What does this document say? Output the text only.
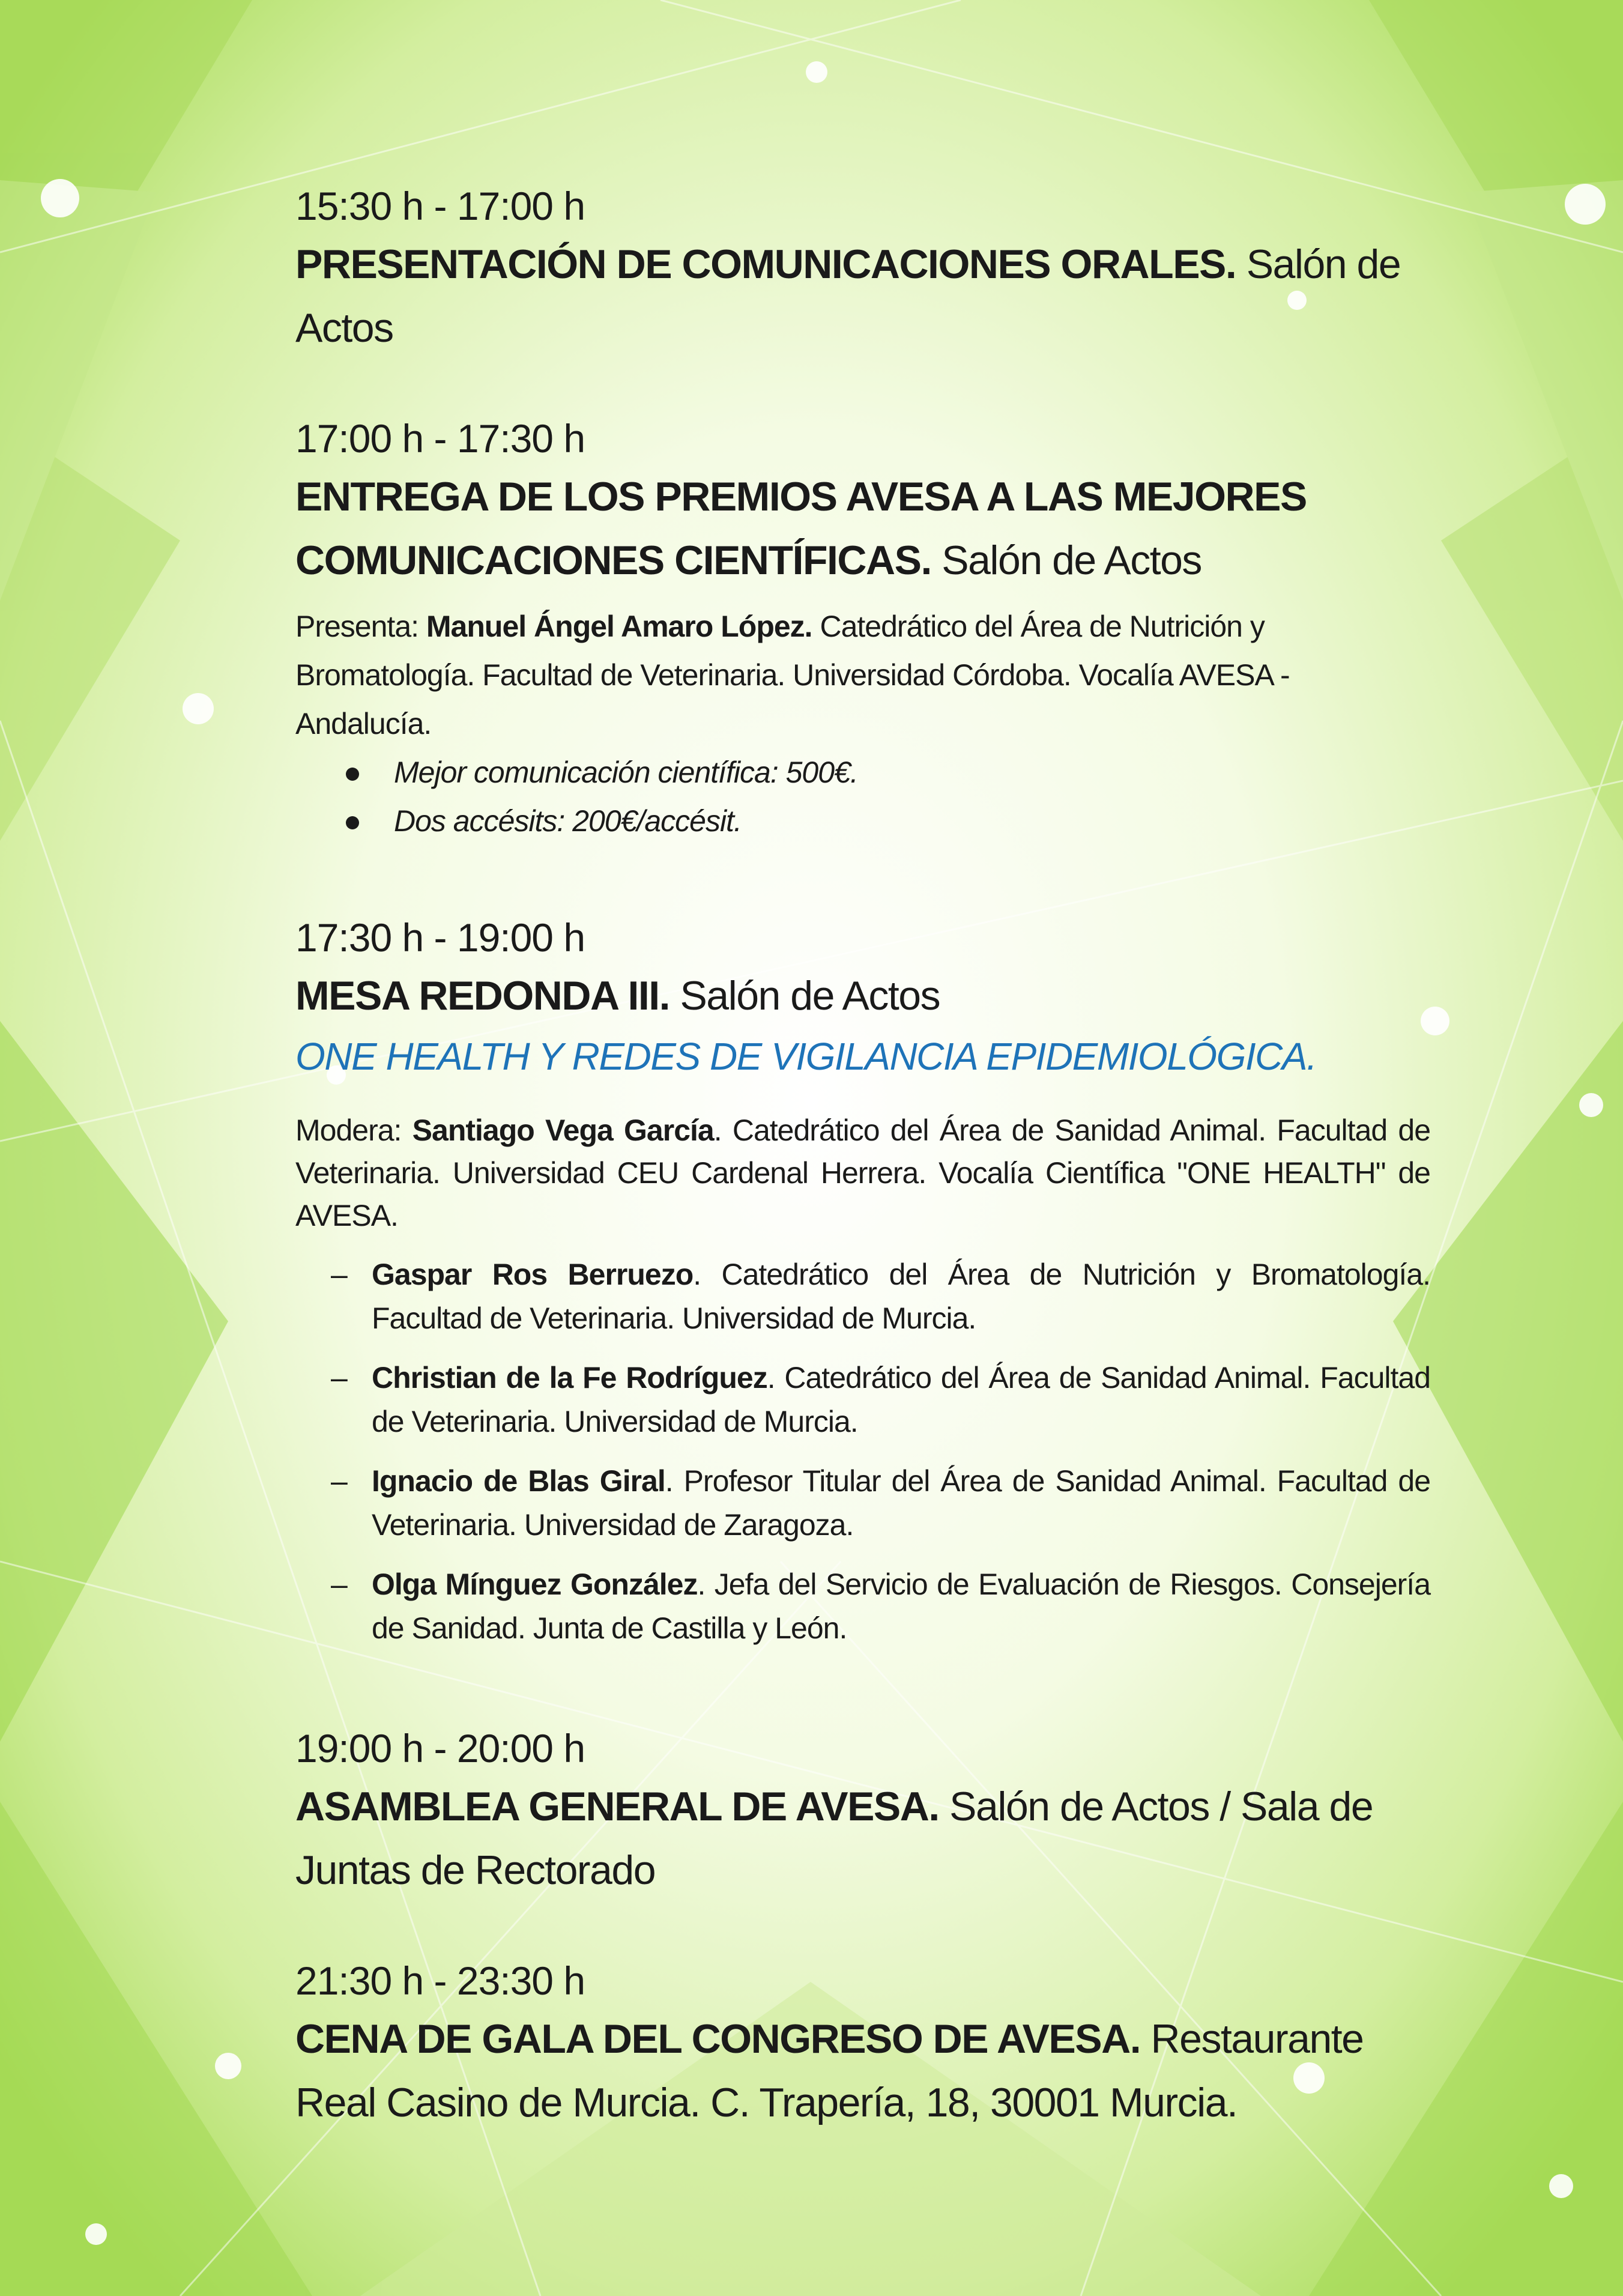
15:30 h - 17:00 h
PRESENTACIÓN DE COMUNICACIONES ORALES. Salón de Actos
17:00 h - 17:30 h
ENTREGA DE LOS PREMIOS AVESA A LAS MEJORES COMUNICACIONES CIENTÍFICAS. Salón de Actos
Presenta: Manuel Ángel Amaro López. Catedrático del Área de Nutrición y Bromatología. Facultad de Veterinaria. Universidad Córdoba. Vocalía AVESA - Andalucía.
Mejor comunicación científica: 500€.
Dos accésits: 200€/accésit.
17:30 h - 19:00 h
MESA REDONDA III. Salón de Actos
ONE HEALTH Y REDES DE VIGILANCIA EPIDEMIOLÓGICA.
Modera: Santiago Vega García. Catedrático del Área de Sanidad Animal. Facultad de Veterinaria. Universidad CEU Cardenal Herrera. Vocalía Científica "ONE HEALTH" de AVESA.
– Gaspar Ros Berruezo. Catedrático del Área de Nutrición y Bromatología. Facultad de Veterinaria. Universidad de Murcia.
– Christian de la Fe Rodríguez. Catedrático del Área de Sanidad Animal. Facultad de Veterinaria. Universidad de Murcia.
– Ignacio de Blas Giral. Profesor Titular del Área de Sanidad Animal. Facultad de Veterinaria. Universidad de Zaragoza.
– Olga Mínguez González. Jefa del Servicio de Evaluación de Riesgos. Consejería de Sanidad. Junta de Castilla y León.
19:00 h - 20:00 h
ASAMBLEA GENERAL DE AVESA. Salón de Actos / Sala de Juntas de Rectorado
21:30 h - 23:30 h
CENA DE GALA DEL CONGRESO DE AVESA. Restaurante Real Casino de Murcia. C. Trapería, 18, 30001 Murcia.
